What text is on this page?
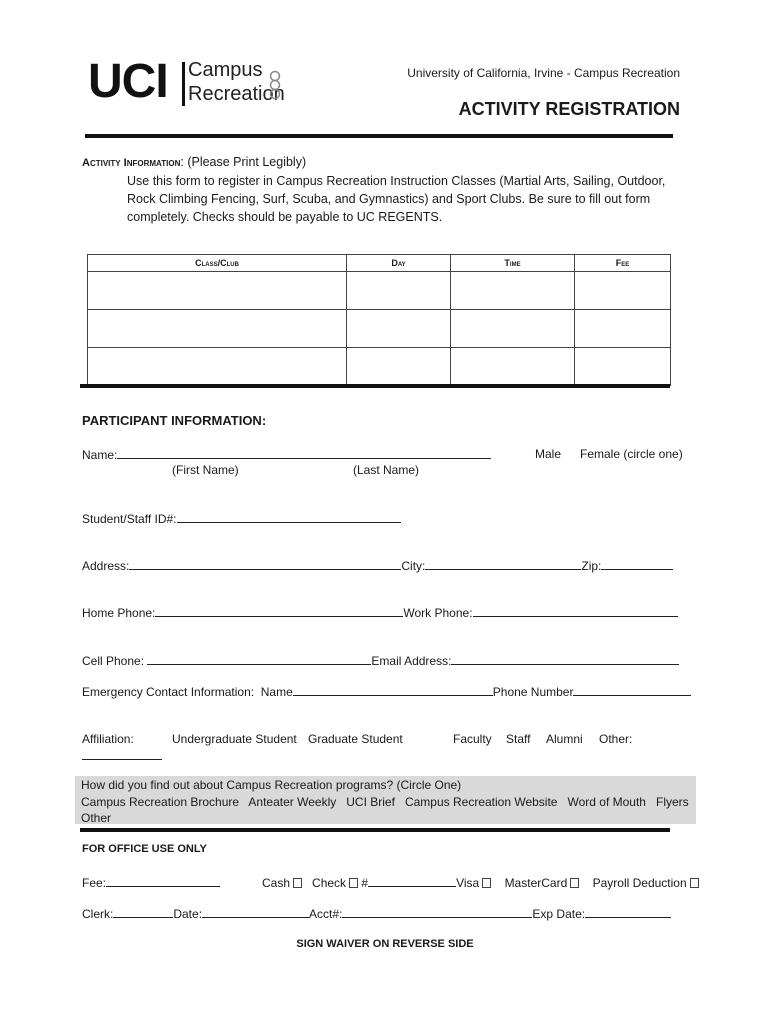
UCI Campus
Recreation
University of California, Irvine - Campus Recreation
ACTIVITY REGISTRATION
Activity Information: (Please Print Legibly)
Use this form to register in Campus Recreation Instruction Classes (Martial Arts, Sailing, Outdoor, Rock Climbing Fencing, Surf, Scuba, and Gymnastics) and Sport Clubs. Be sure to fill out form completely. Checks should be payable to UC REGENTS.
Class/Club	Day	Time	Fee

PARTICIPANT INFORMATION:
Name:	Male Female (circle one)
(First Name)	(Last Name)
Student/Staff ID#:
Address:	City:	Zip:
Home Phone:	Work Phone:
Cell Phone:	Email Address:
Emergency Contact Information: Name	Phone Number
Affiliation:	Undergraduate Student Graduate Student	Faculty Staff Alumni Other:
How did you find out about Campus Recreation programs? (Circle One)
Campus Recreation Brochure Anteater Weekly UCI Brief Campus Recreation Website Word of Mouth Flyers
Other
FOR OFFICE USE ONLY
Fee:	Cash Check #	Visa MasterCard Payroll Deduction
Clerk:	Date:	Acct#:	Exp Date:
SIGN WAIVER ON REVERSE SIDE
